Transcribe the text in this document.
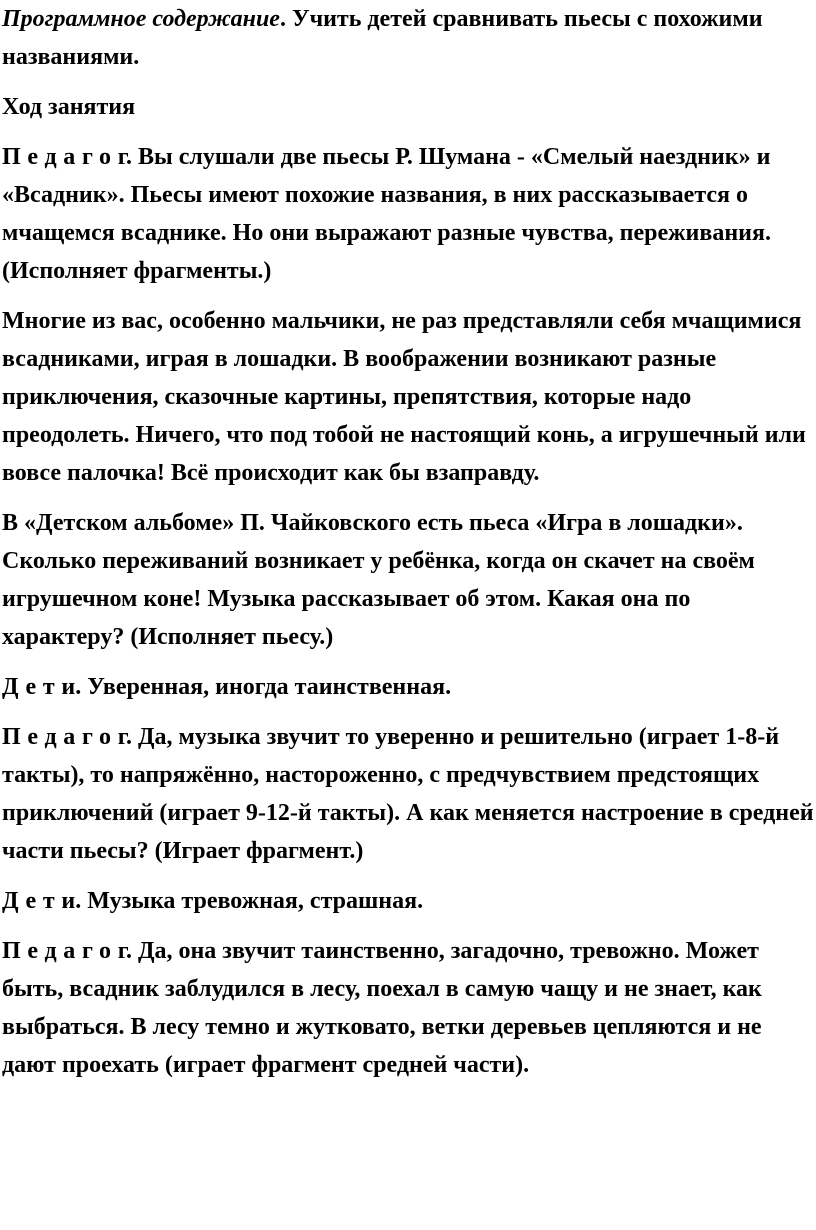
Программное содержание. Учить детей сравнивать пьесы с похожими названиями.

Ход занятия

Педагог. Вы слушали две пьесы Р. Шумана - «Смелый наездник» и «Всадник». Пьесы имеют похожие названия, в них рассказывается о мчащемся всаднике. Но они выражают разные чувства, переживания. (Исполняет фрагменты.)

Многие из вас, особенно мальчики, не раз представляли себя мчащимися всадниками, играя в лошадки. В воображении возникают разные приключения, сказочные картины, препятствия, которые надо преодолеть. Ничего, что под тобой не настоящий конь, а игрушечный или вовсе палочка! Всё происходит как бы взаправду.

В «Детском альбоме» П. Чайковского есть пьеса «Игра в лошадки». Сколько переживаний возникает у ребёнка, когда он скачет на своём игрушечном коне! Музыка рассказывает об этом. Какая она по характеру? (Исполняет пьесу.)

Дети. Уверенная, иногда таинственная.

Педагог. Да, музыка звучит то уверенно и решительно (играет 1-8-й такты), то напряжённо, настороженно, с предчувствием предстоящих приключений (играет 9-12-й такты). А как меняется настроение в средней части пьесы? (Играет фрагмент.)

Дети. Музыка тревожная, страшная.

Педагог. Да, она звучит таинственно, загадочно, тревожно. Может быть, всадник заблудился в лесу, поехал в самую чащу и не знает, как выбраться. В лесу темно и жутковато, ветки деревьев цепляются и не дают проехать (играет фрагмент средней части).
